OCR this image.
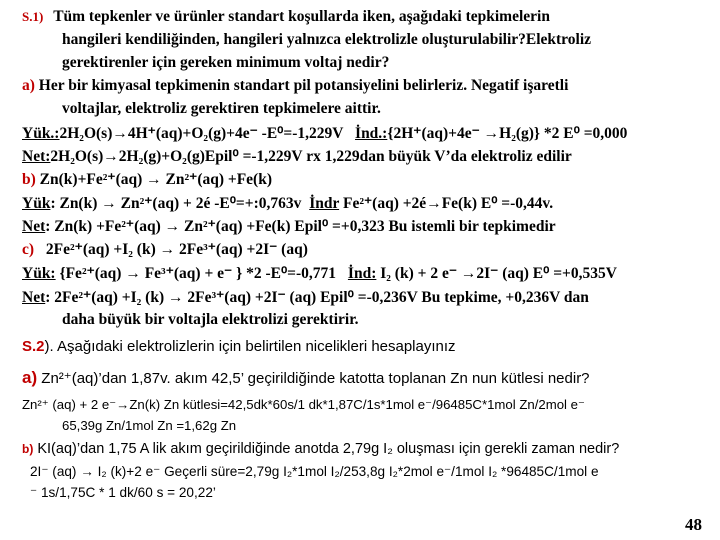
S.1) Tüm tepkenler ve ürünler standart koşullarda iken, aşağıdaki tepkimelerin
hangileri kendiliğinden, hangileri yalnızca elektrolizle oluşturulabilir?Elektroliz
gerektirenler için gereken minimum voltaj nedir?
a) Her bir kimyasal tepkimenin standart pil potansiyelini belirleriz. Negatif işaretli
voltajlar, elektroliz gerektiren tepkimelere aittir.
Yük.:2H₂O(s)→4H⁺(aq)+O₂(g)+4e⁻ -E⁰=-1,229V İnd.:{2H⁺(aq)+4e⁻ →H₂(g)} *2 E⁰ =0,000
Net:2H₂O(s)→2H₂(g)+O₂(g)Epil⁰ =-1,229V rx 1,229dan büyük V’da elektroliz edilir
b) Zn(k)+Fe²⁺(aq) → Zn²⁺(aq) +Fe(k)
Yük: Zn(k) → Zn²⁺(aq) + 2é -E⁰=+:0,763v İndr Fe²⁺(aq) +2é→Fe(k) E⁰ =-0,44v.
Net: Zn(k) +Fe²⁺(aq) → Zn²⁺(aq) +Fe(k) Epil⁰ =+0,323 Bu istemli bir tepkimedir
c) 2Fe²⁺(aq) +I₂ (k) → 2Fe³⁺(aq) +2I⁻ (aq)
Yük: {Fe²⁺(aq) → Fe³⁺(aq) + e⁻ } *2 -E⁰=-0,771 İnd: I₂ (k) + 2 e⁻ →2I⁻ (aq) E⁰ =+0,535V
Net: 2Fe²⁺(aq) +I₂ (k) → 2Fe³⁺(aq) +2I⁻ (aq) Epil⁰ =-0,236V Bu tepkime, +0,236V dan
daha büyük bir voltajla elektrolizi gerektirir.
S.2). Aşağıdaki elektrolizlerin için belirtilen nicelikleri hesaplayınız
a) Zn²⁺(aq)’dan 1,87v. akım 42,5’ geçirildiğinde katotta toplanan Zn nun kütlesi nedir?
Zn²⁺ (aq) + 2 e⁻→Zn(k) Zn kütlesi=42,5dk*60s/1 dk*1,87C/1s*1mol e⁻/96485C*1mol Zn/2mol e⁻
65,39g Zn/1mol Zn =1,62g Zn
b) KI(aq)’dan 1,75 A lik akım geçirildiğinde anotda 2,79g I₂ oluşması için gerekli zaman nedir?
2I⁻ (aq) → I₂ (k)+2 e⁻ Geçerli süre=2,79g I₂*1mol I₂/253,8g I₂*2mol e⁻/1mol I₂ *96485C/1mol e
⁻ 1s/1,75C * 1 dk/60 s = 20,22’
48
